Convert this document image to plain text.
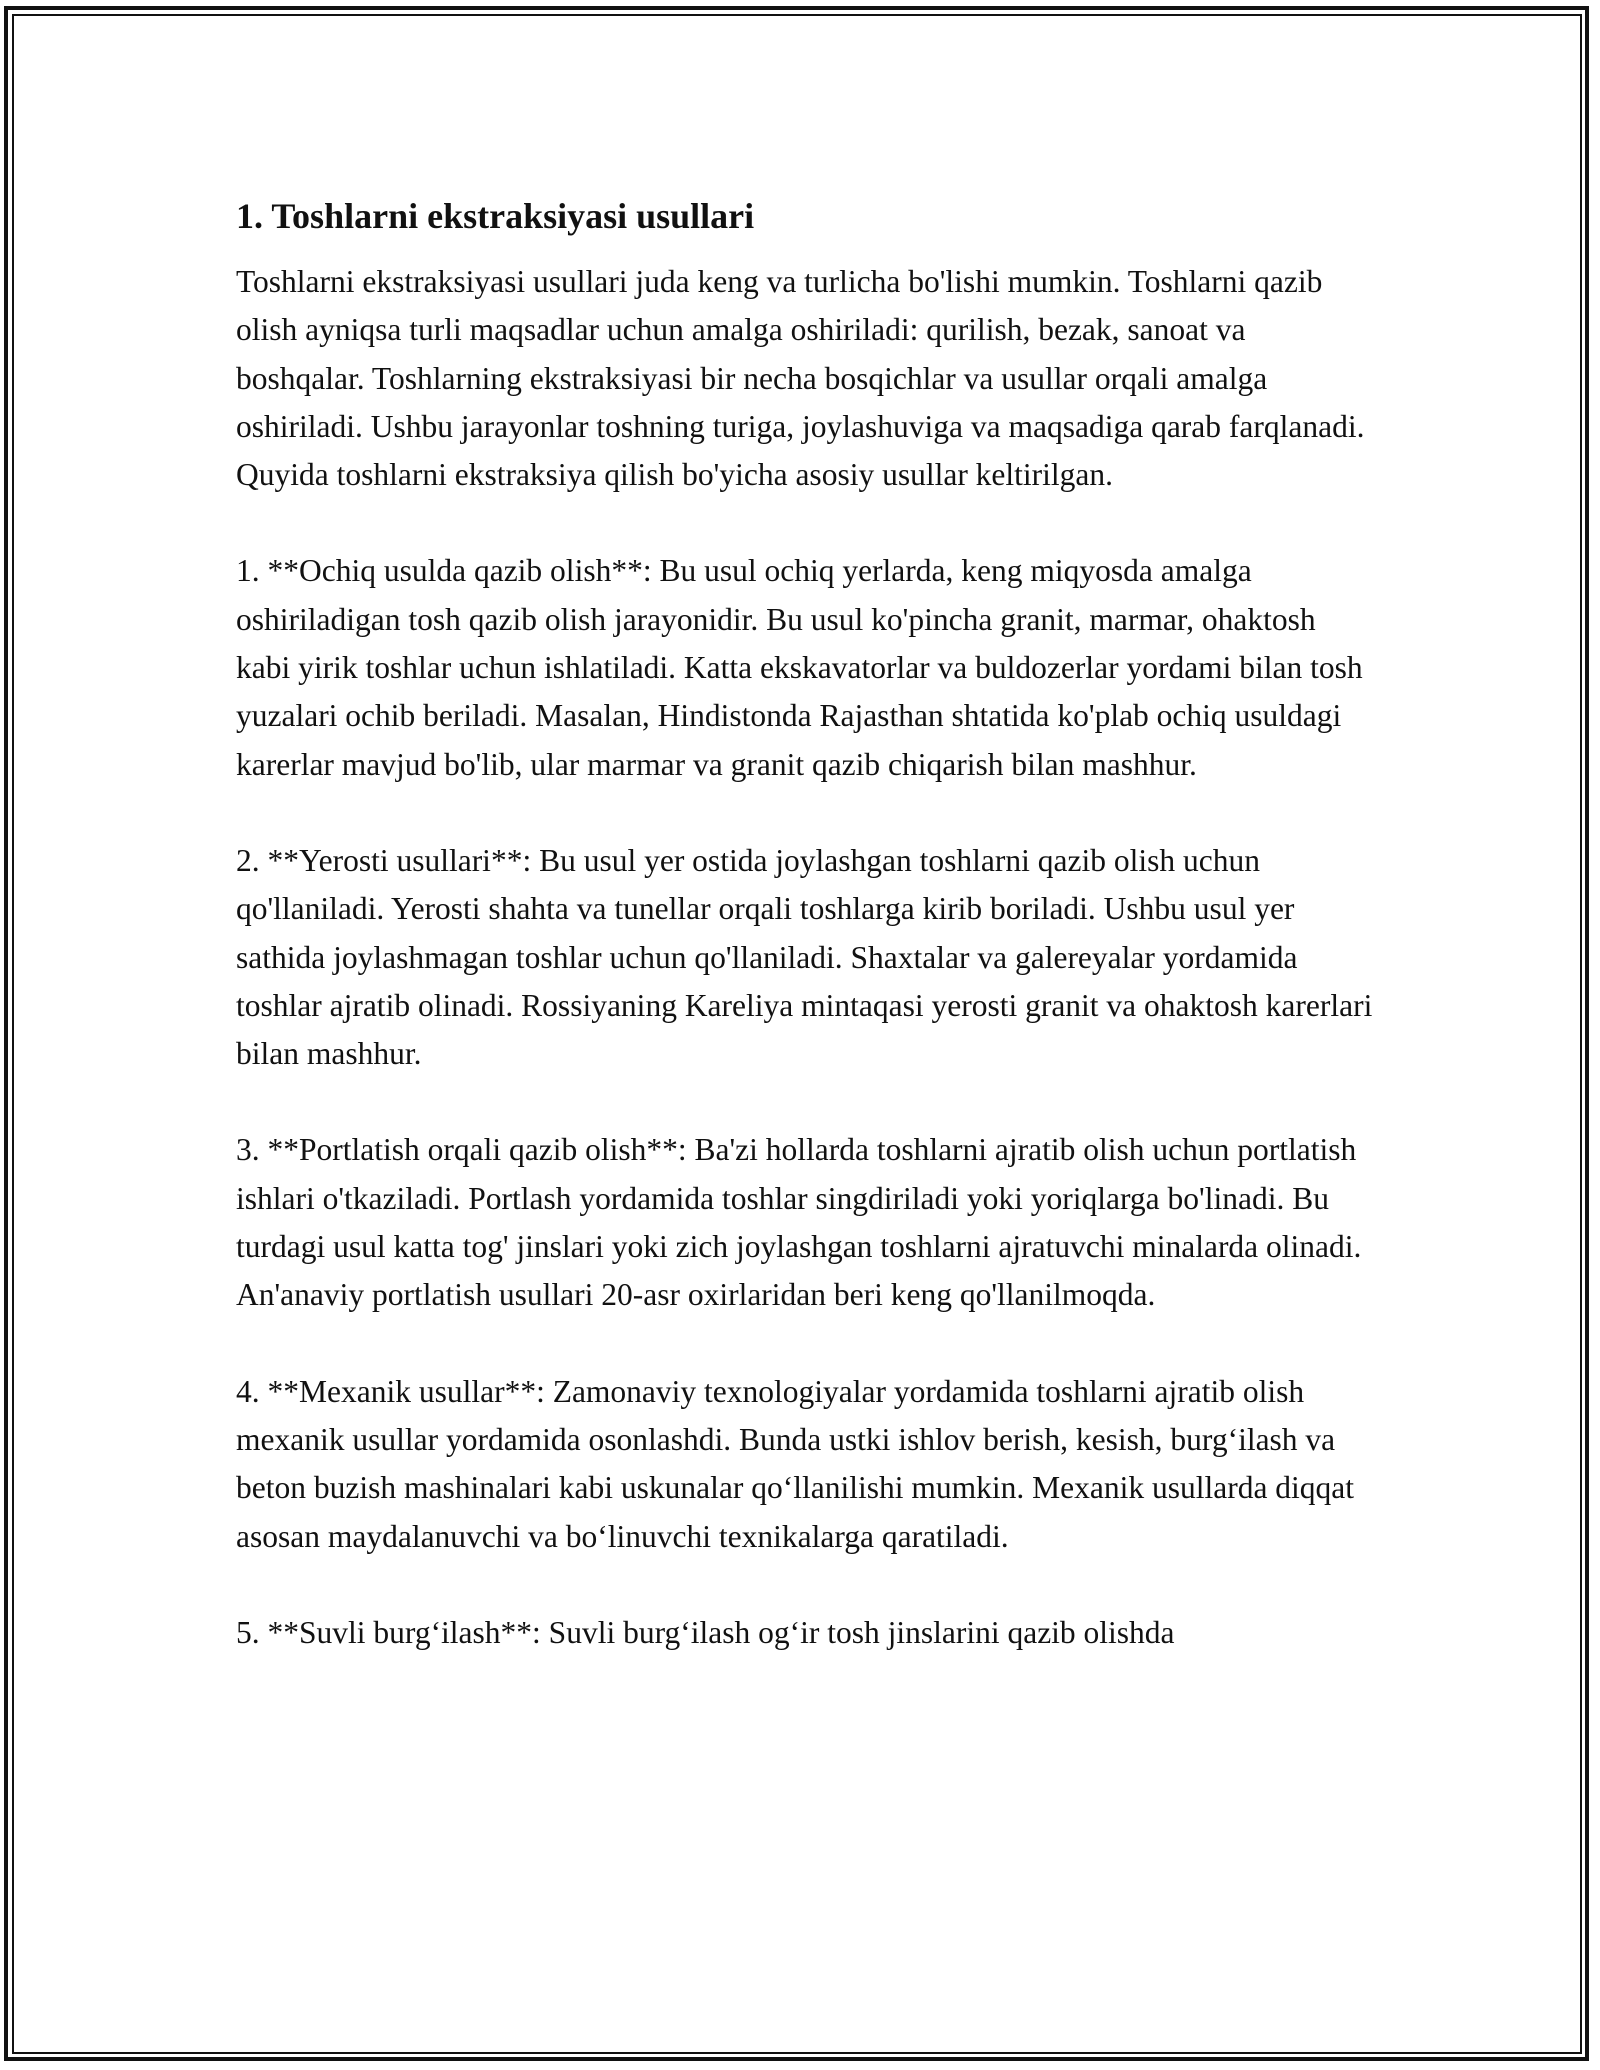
1. Toshlarni ekstraksiyasi usullari

Toshlarni ekstraksiyasi usullari juda keng va turlicha bo'lishi mumkin. Toshlarni qazib olish ayniqsa turli maqsadlar uchun amalga oshiriladi: qurilish, bezak, sanoat va boshqalar. Toshlarning ekstraksiyasi bir necha bosqichlar va usullar orqali amalga oshiriladi. Ushbu jarayonlar toshning turiga, joylashuviga va maqsadiga qarab farqlanadi. Quyida toshlarni ekstraksiya qilish bo'yicha asosiy usullar keltirilgan.

1. **Ochiq usulda qazib olish**: Bu usul ochiq yerlarda, keng miqyosda amalga oshiriladigan tosh qazib olish jarayonidir. Bu usul ko'pincha granit, marmar, ohaktosh kabi yirik toshlar uchun ishlatiladi. Katta ekskavatorlar va buldozerlar yordami bilan tosh yuzalari ochib beriladi. Masalan, Hindistonda Rajasthan shtatida ko'plab ochiq usuldagi karerlar mavjud bo'lib, ular marmar va granit qazib chiqarish bilan mashhur.

2. **Yerosti usullari**: Bu usul yer ostida joylashgan toshlarni qazib olish uchun qo'llaniladi. Yerosti shahta va tunellar orqali toshlarga kirib boriladi. Ushbu usul yer sathida joylashmagan toshlar uchun qo'llaniladi. Shaxtalar va galereyalar yordamida toshlar ajratib olinadi. Rossiyaning Kareliya mintaqasi yerosti granit va ohaktosh karerlari bilan mashhur.

3. **Portlatish orqali qazib olish**: Ba'zi hollarda toshlarni ajratib olish uchun portlatish ishlari o'tkaziladi. Portlash yordamida toshlar singdiriladi yoki yoriqlarga bo'linadi. Bu turdagi usul katta tog' jinslari yoki zich joylashgan toshlarni ajratuvchi minalarda olinadi. An'anaviy portlatish usullari 20-asr oxirlaridan beri keng qo'llanilmoqda.

4. **Mexanik usullar**: Zamonaviy texnologiyalar yordamida toshlarni ajratib olish mexanik usullar yordamida osonlashdi. Bunda ustki ishlov berish, kesish, burg‘ilash va beton buzish mashinalari kabi uskunalar qo‘llanilishi mumkin. Mexanik usullarda diqqat asosan maydalanuvchi va bo‘linuvchi texnikalarga qaratiladi.

5. **Suvli burg‘ilash**: Suvli burg‘ilash og‘ir tosh jinslarini qazib olishda
